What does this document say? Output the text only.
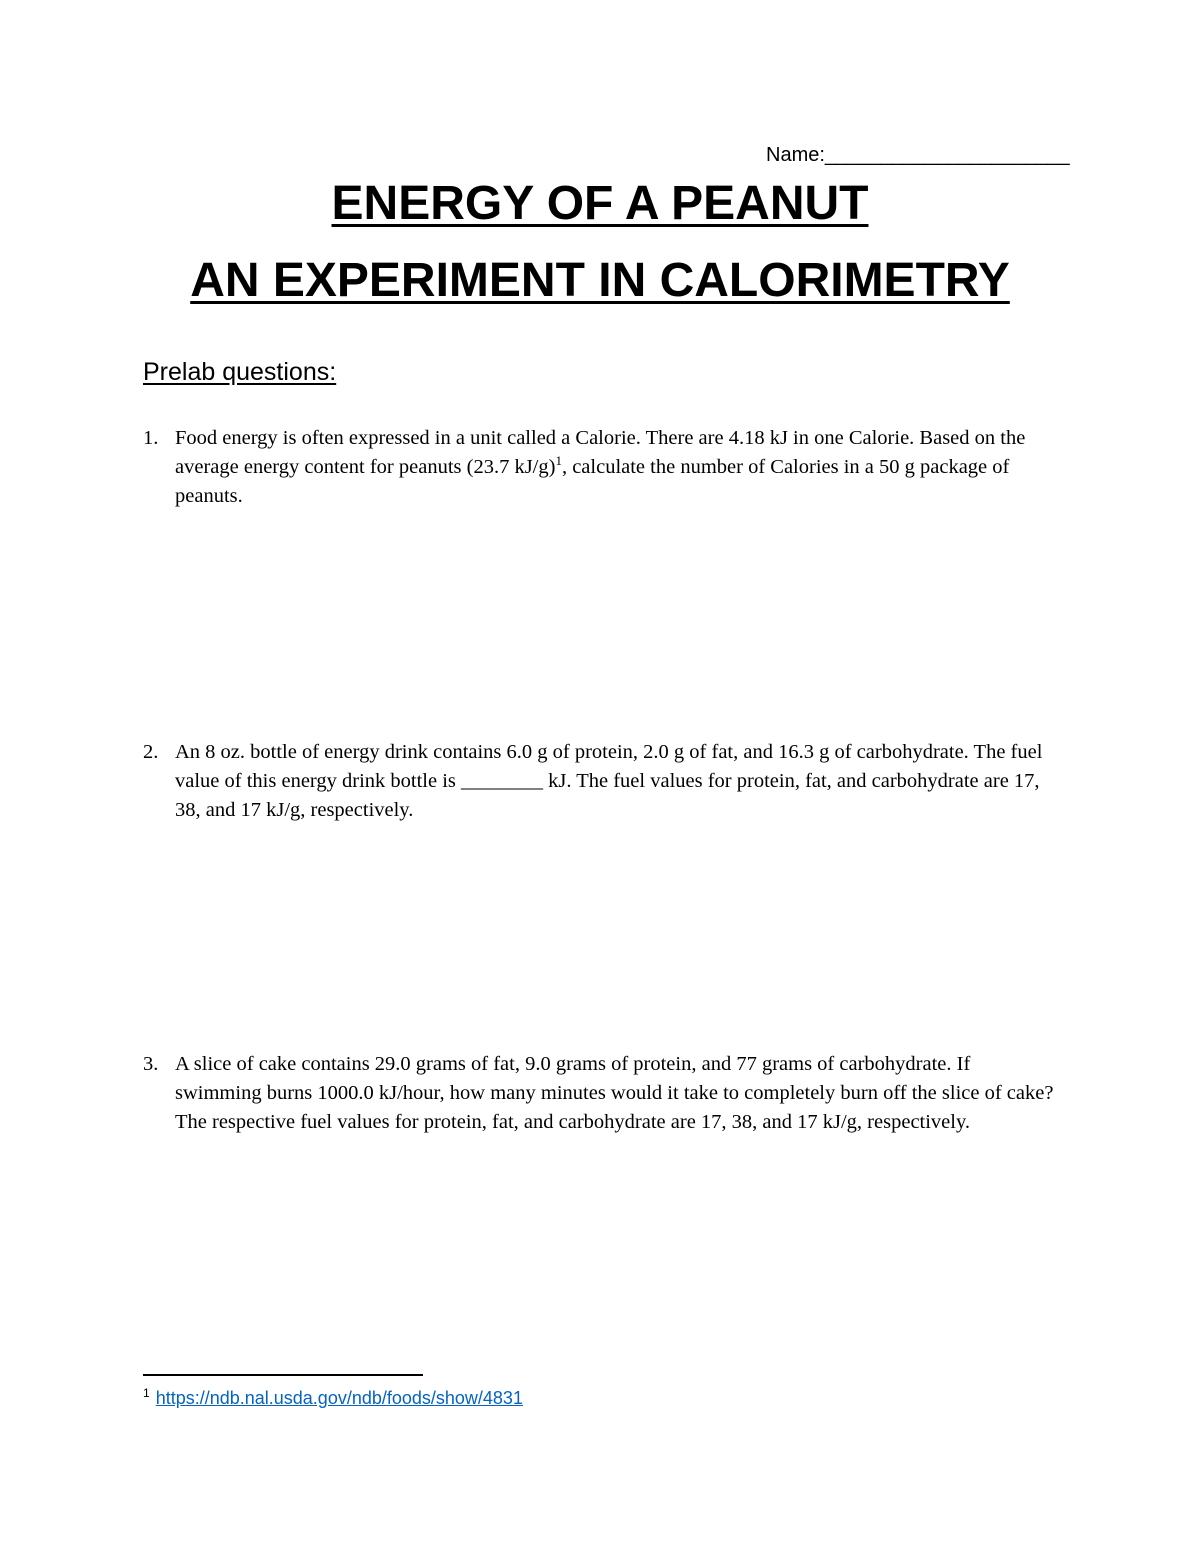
Name:______________________
ENERGY OF A PEANUT
AN EXPERIMENT IN CALORIMETRY
Prelab questions:
1. Food energy is often expressed in a unit called a Calorie. There are 4.18 kJ in one Calorie. Based on the average energy content for peanuts (23.7 kJ/g)$^1$, calculate the number of Calories in a 50 g package of peanuts.
2. An 8 oz. bottle of energy drink contains 6.0 g of protein, 2.0 g of fat, and 16.3 g of carbohydrate. The fuel value of this energy drink bottle is ________ kJ. The fuel values for protein, fat, and carbohydrate are 17, 38, and 17 kJ/g, respectively.
3. A slice of cake contains 29.0 grams of fat, 9.0 grams of protein, and 77 grams of carbohydrate. If swimming burns 1000.0 kJ/hour, how many minutes would it take to completely burn off the slice of cake? The respective fuel values for protein, fat, and carbohydrate are 17, 38, and 17 kJ/g, respectively.
$^1$ https://ndb.nal.usda.gov/ndb/foods/show/4831
